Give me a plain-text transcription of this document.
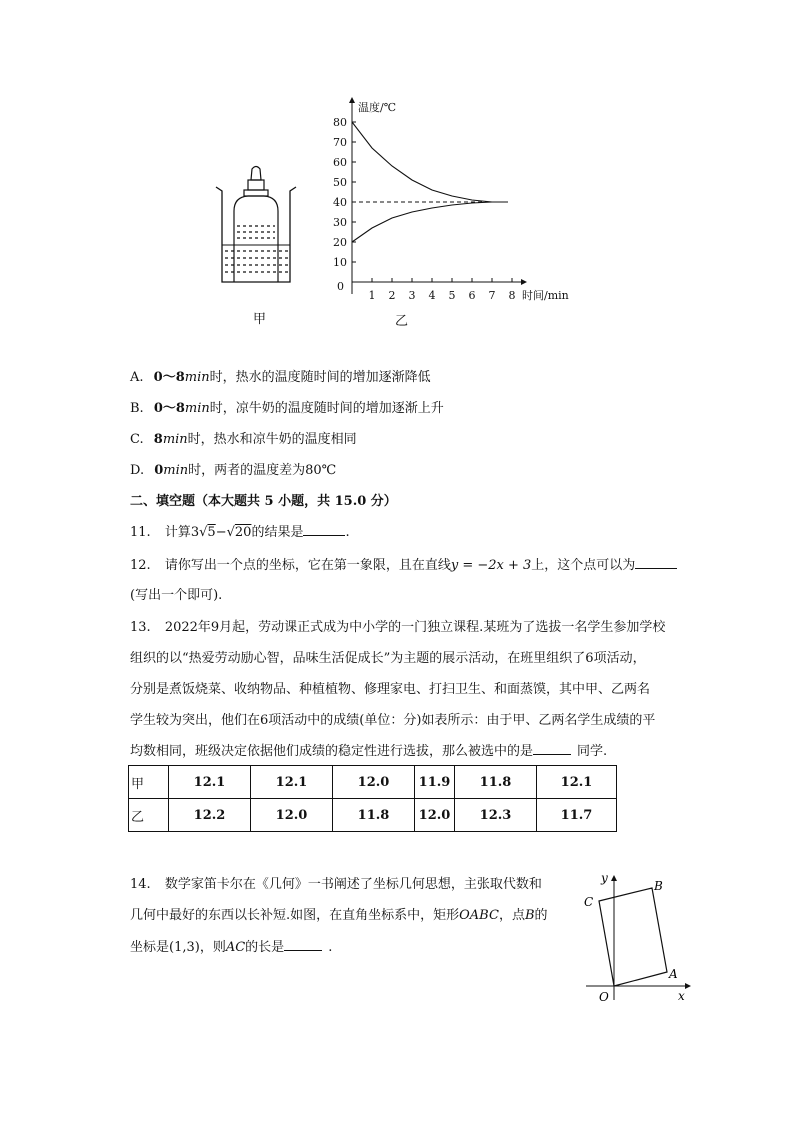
甲
10
20
30
40
50
60
70
80
1 2 3 4 5 6 7 8
0
温度/℃
时间/min
乙
A. 0～8min时，热水的温度随时间的增加逐渐降低
B. 0～8min时，凉牛奶的温度随时间的增加逐渐上升
C. 8min时，热水和凉牛奶的温度相同
D. 0min时，两者的温度差为80℃
二、填空题（本大题共 5 小题，共 15.0 分）
11. 计算3√5−√20的结果是	.
12. 请你写出一个点的坐标，它在第一象限，且在直线y = −2x + 3上，这个点可以为
(写出一个即可).
13. 2022年9月起，劳动课正式成为中小学的一门独立课程.某班为了选拔一名学生参加学校
组织的以“热爱劳动励心智，品味生活促成长”为主题的展示活动，在班里组织了6项活动，
分别是煮饭烧菜、收纳物品、种植植物、修理家电、打扫卫生、和面蒸馍，其中甲、乙两名
学生较为突出，他们在6项活动中的成绩(单位：分)如表所示：由于甲、乙两名学生成绩的平
均数相同，班级决定依据他们成绩的稳定性进行选拔，那么被选中的是	同学.
甲	12.1	12.1	12.0	11.9	11.8	12.1
乙	12.2	12.0	11.8	12.0	12.3	11.7
14. 数学家笛卡尔在《几何》一书阐述了坐标几何思想，主张取代数和
几何中最好的东西以长补短.如图，在直角坐标系中，矩形OABC，点B的
坐标是(1,3)，则AC的长是	.
y
x
O
A
B
C
